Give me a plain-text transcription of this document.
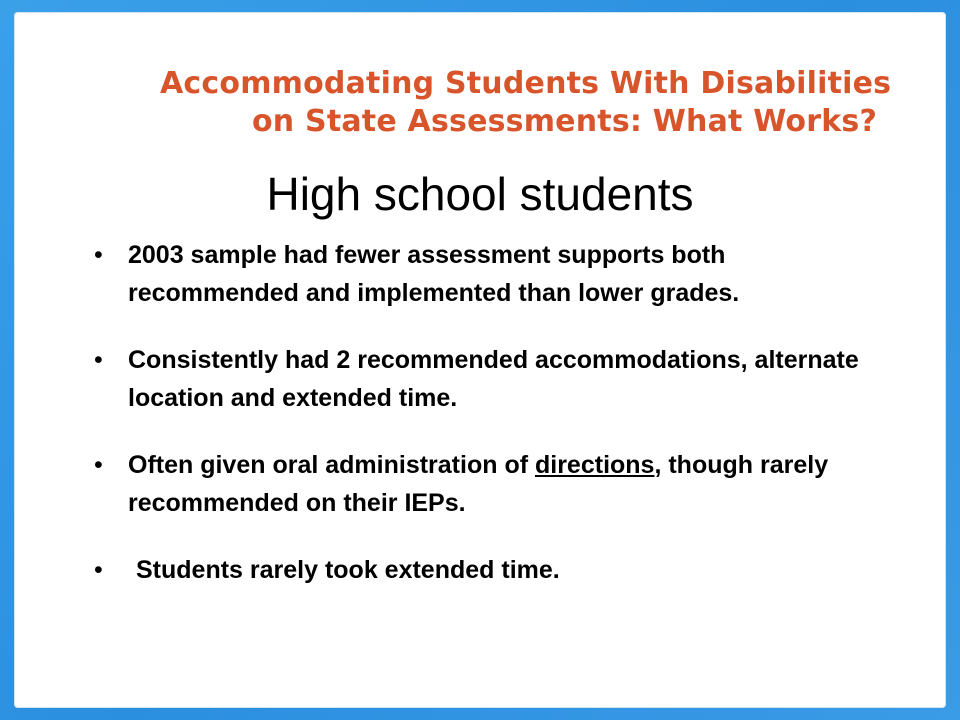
Accommodating Students With Disabilities
on State Assessments: What Works?
High school students
• 2003 sample had fewer assessment supports both recommended and implemented than lower grades.
• Consistently had 2 recommended accommodations, alternate location and extended time.
• Often given oral administration of directions, though rarely recommended on their IEPs.
• Students rarely took extended time.
